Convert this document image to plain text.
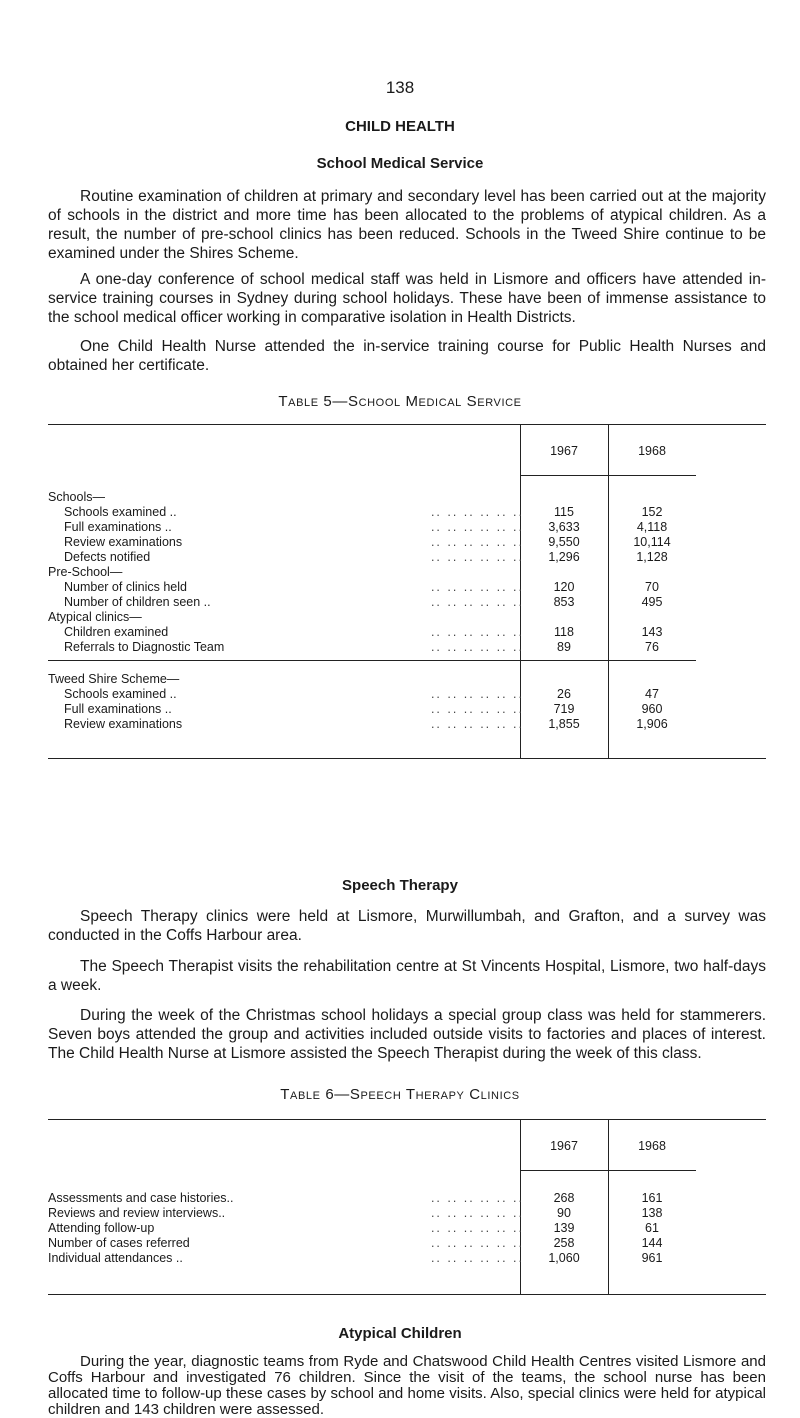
138
CHILD HEALTH
School Medical Service
Routine examination of children at primary and secondary level has been carried out at the majority of schools in the district and more time has been allocated to the problems of atypical children. As a result, the number of pre-school clinics has been reduced. Schools in the Tweed Shire continue to be examined under the Shires Scheme.
A one-day conference of school medical staff was held in Lismore and officers have attended in-service training courses in Sydney during school holidays. These have been of immense assistance to the school medical officer working in comparative isolation in Health Districts.
One Child Health Nurse attended the in-service training course for Public Health Nurses and obtained her certificate.
Table 5—School Medical Service
1967	1968
Schools—
Schools examined ..	.. .. .. .. .. ..	115	152
Full examinations ..	.. .. .. .. .. ..	3,633	4,118
Review examinations	.. .. .. .. .. ..	9,550	10,114
Defects notified	.. .. .. .. .. ..	1,296	1,128
Pre-School—
Number of clinics held	.. .. .. .. .. ..	120	70
Number of children seen ..	.. .. .. .. .. ..	853	495
Atypical clinics—
Children examined	.. .. .. .. .. ..	118	143
Referrals to Diagnostic Team	.. .. .. .. .. ..	89	76
Tweed Shire Scheme—
Schools examined ..	.. .. .. .. .. ..	26	47
Full examinations ..	.. .. .. .. .. ..	719	960
Review examinations	.. .. .. .. .. ..	1,855	1,906
Speech Therapy
Speech Therapy clinics were held at Lismore, Murwillumbah, and Grafton, and a survey was conducted in the Coffs Harbour area.
The Speech Therapist visits the rehabilitation centre at St Vincents Hospital, Lismore, two half-days a week.
During the week of the Christmas school holidays a special group class was held for stammerers. Seven boys attended the group and activities included outside visits to factories and places of interest. The Child Health Nurse at Lismore assisted the Speech Therapist during the week of this class.
Table 6—Speech Therapy Clinics
1967	1968
Assessments and case histories..	.. .. .. .. .. ..	268	161
Reviews and review interviews..	.. .. .. .. .. ..	90	138
Attending follow-up	.. .. .. .. .. ..	139	61
Number of cases referred	.. .. .. .. .. ..	258	144
Individual attendances ..	.. .. .. .. .. ..	1,060	961
Atypical Children
During the year, diagnostic teams from Ryde and Chatswood Child Health Centres visited Lismore and Coffs Harbour and investigated 76 children. Since the visit of the teams, the school nurse has been allocated time to follow-up these cases by school and home visits. Also, special clinics were held for atypical children and 143 children were assessed.
